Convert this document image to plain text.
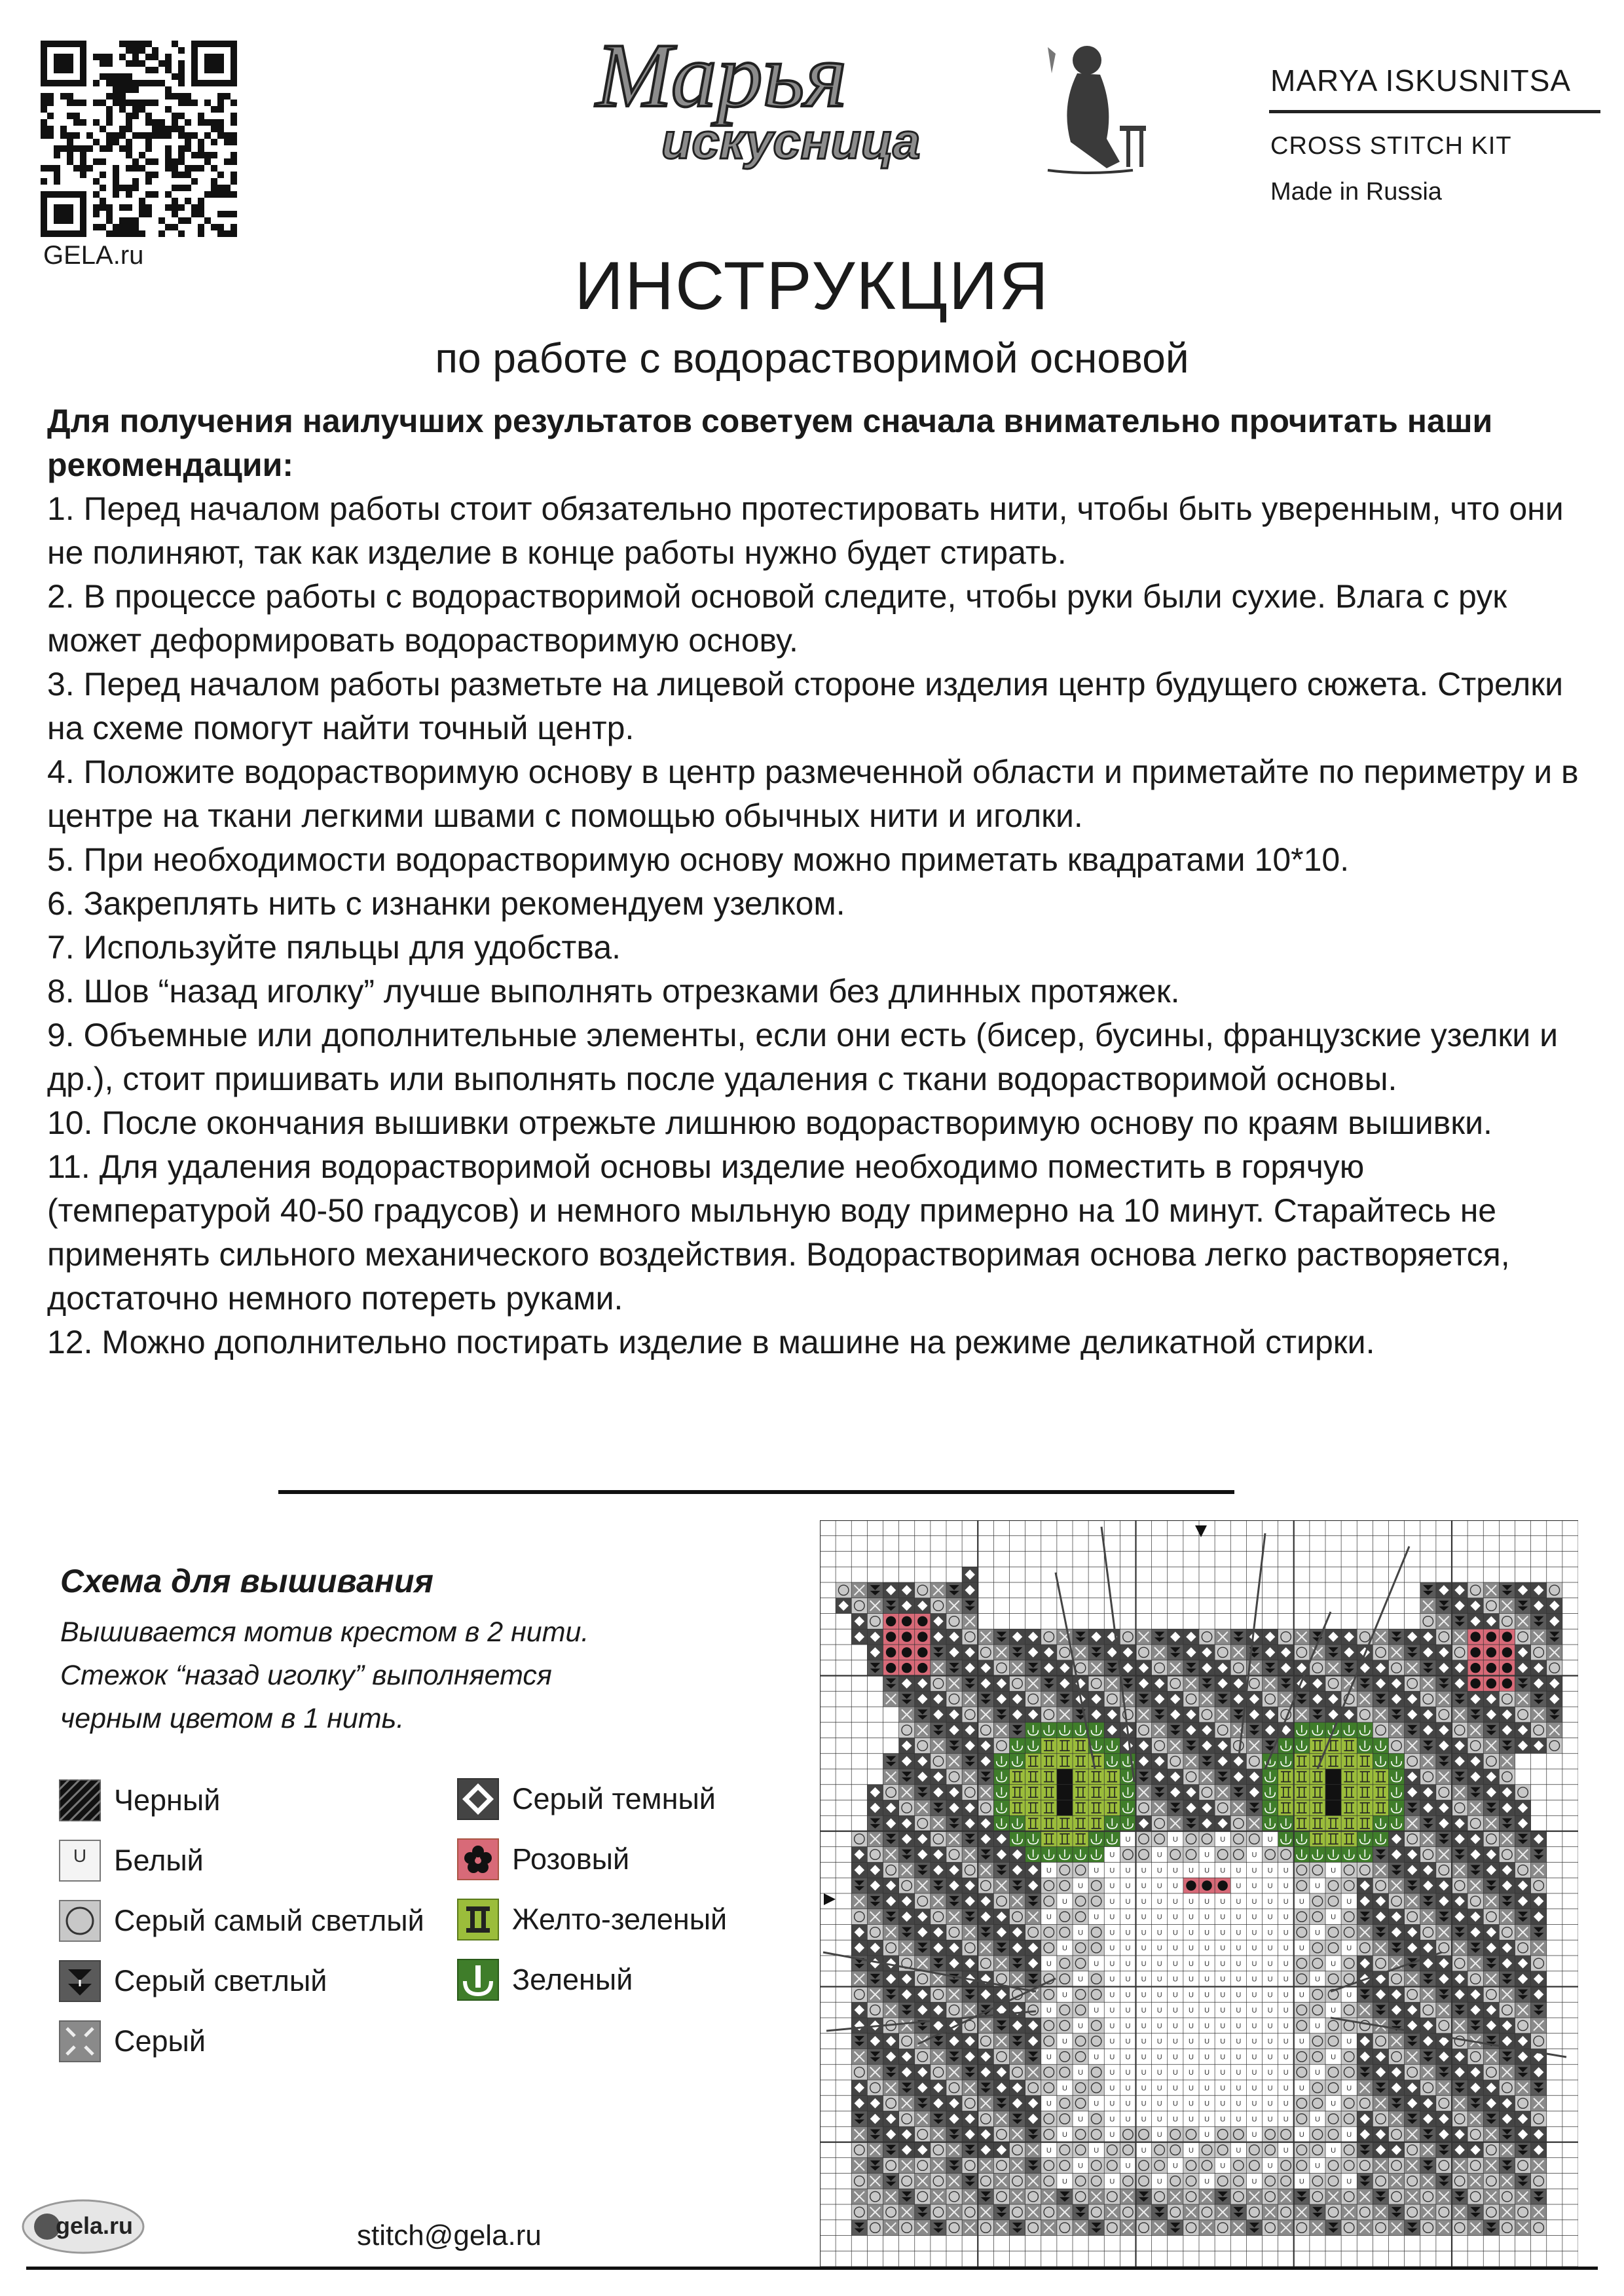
GELA.ru
Марья
искусница
MARYA ISKUSNITSA
CROSS STITCH KIT
Made in Russia
ИНСТРУКЦИЯ
по работе с водорастворимой основой
Для получения наилучших результатов советуем сначала внимательно прочитать наши рекомендации:
1. Перед началом работы стоит обязательно протестировать нити, чтобы быть уверенным, что они не полиняют, так как изделие в конце работы нужно будет стирать.
2. В процессе работы с водорастворимой основой следите, чтобы руки были сухие. Влага с рук может деформировать водорастворимую основу.
3. Перед началом работы разметьте на лицевой стороне изделия центр будущего сюжета. Стрелки на схеме помогут найти точный центр.
4. Положите водорастворимую основу в центр размеченной области и приметайте по периметру и в центре на ткани легкими швами с помощью обычных нити и иголки.
5. При необходимости водорастворимую основу можно приметать квадратами 10*10.
6. Закреплять нить с изнанки рекомендуем узелком.
7. Используйте пяльцы для удобства.
8. Шов “назад иголку” лучше выполнять отрезками без длинных протяжек.
9. Объемные или дополнительные элементы, если они есть (бисер, бусины, французские узелки и др.), стоит пришивать или выполнять после удаления с ткани водорастворимой основы.
10. После окончания вышивки отрежьте лишнюю водорастворимую основу по краям вышивки.
11. Для удаления водорастворимой основы изделие необходимо поместить в горячую (температурой 40-50 градусов) и немного мыльную воду примерно на 10 минут. Старайтесь не применять сильного механического воздействия. Водорастворимая основа легко растворяется, достаточно немного потереть руками.
12. Можно дополнительно постирать изделие в машине на режиме деликатной стирки.
Схема для вышивания
Вышивается мотив крестом в 2 нити.
Стежок “назад иголку” выполняется
черным цветом в 1 нить.
Черный
U Белый
Серый самый светлый
Серый светлый
Серый
Серый темный
Розовый
Желто-зеленый
Зеленый
U	U	U	U
U	U	U	U
U	U U U U U U U U U U U U U	U
U	U U U U U	U U U U	U
U	U U U U U U U U U U U U U	U
U	U U U U U U U U U U U U U	U
U	U U U U U U U U U U U U	U
U	U U U U U U U U U U U U U	U
U	U U U U U U U U U U U U U	U
U	U U U U U U U U U U U U	U
U	U U U U U U U U U U U U U	U
U	U U U U U U U U U U U U U	U
U	U U U U U U U U U U U U	U
U	U U U U U U U U U U U U U	U
U	U U U U U U U U U U U U U	U
U	U U U U U U U U U U U U	U
U	U U U U U U U U U U U U U	U
U	U U U U U U U U U U U U U	U
U	U U U U U U U U U U U U	U
U	U	U	U	U	U	U
U	U	U	U	U	U	U
U	U	U	U	U	U
U	U	U	U	U	U	U
gela.ru	stitch@gela.ru
